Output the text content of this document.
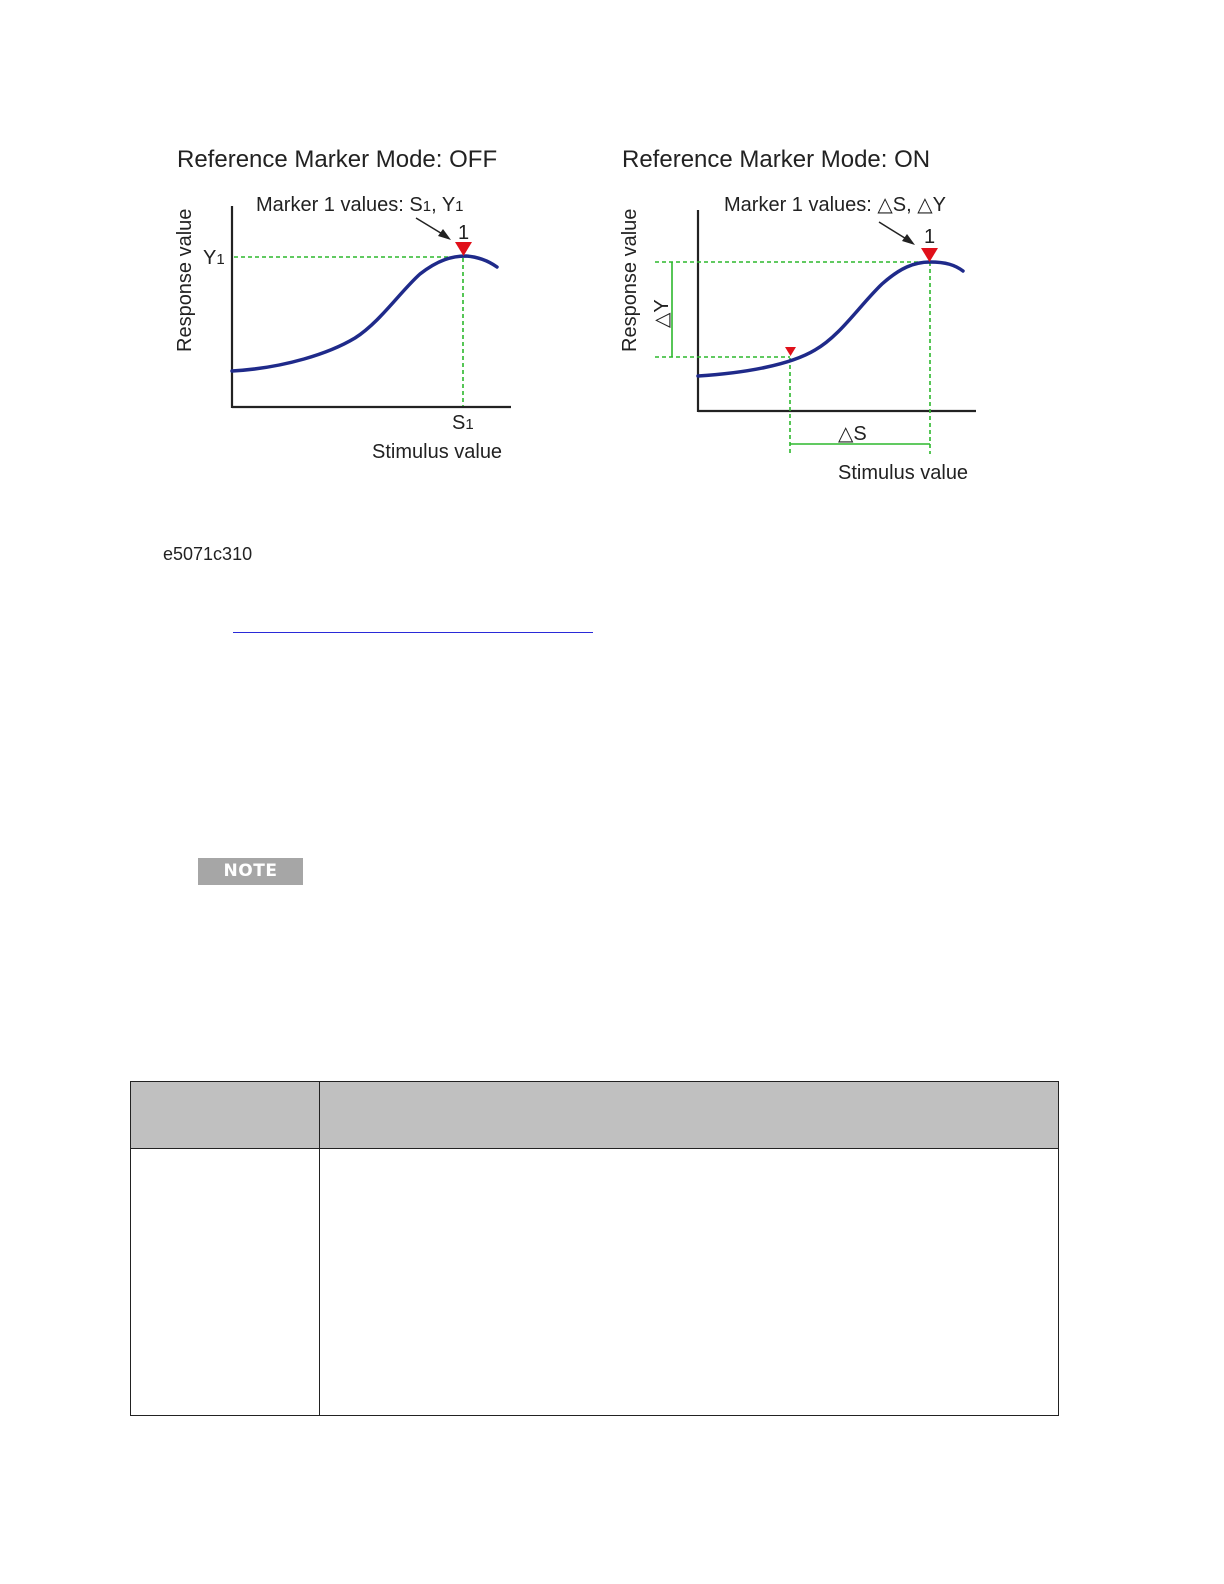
Reference Marker Mode: OFF
Response value	1
Marker 1 values: S1, Y1
Y1
S1
Stimulus value
Reference Marker Mode: ON
Response value △Y
△S
1
Marker 1 values: △S, △Y
Stimulus value
e5071c310
NOTE
